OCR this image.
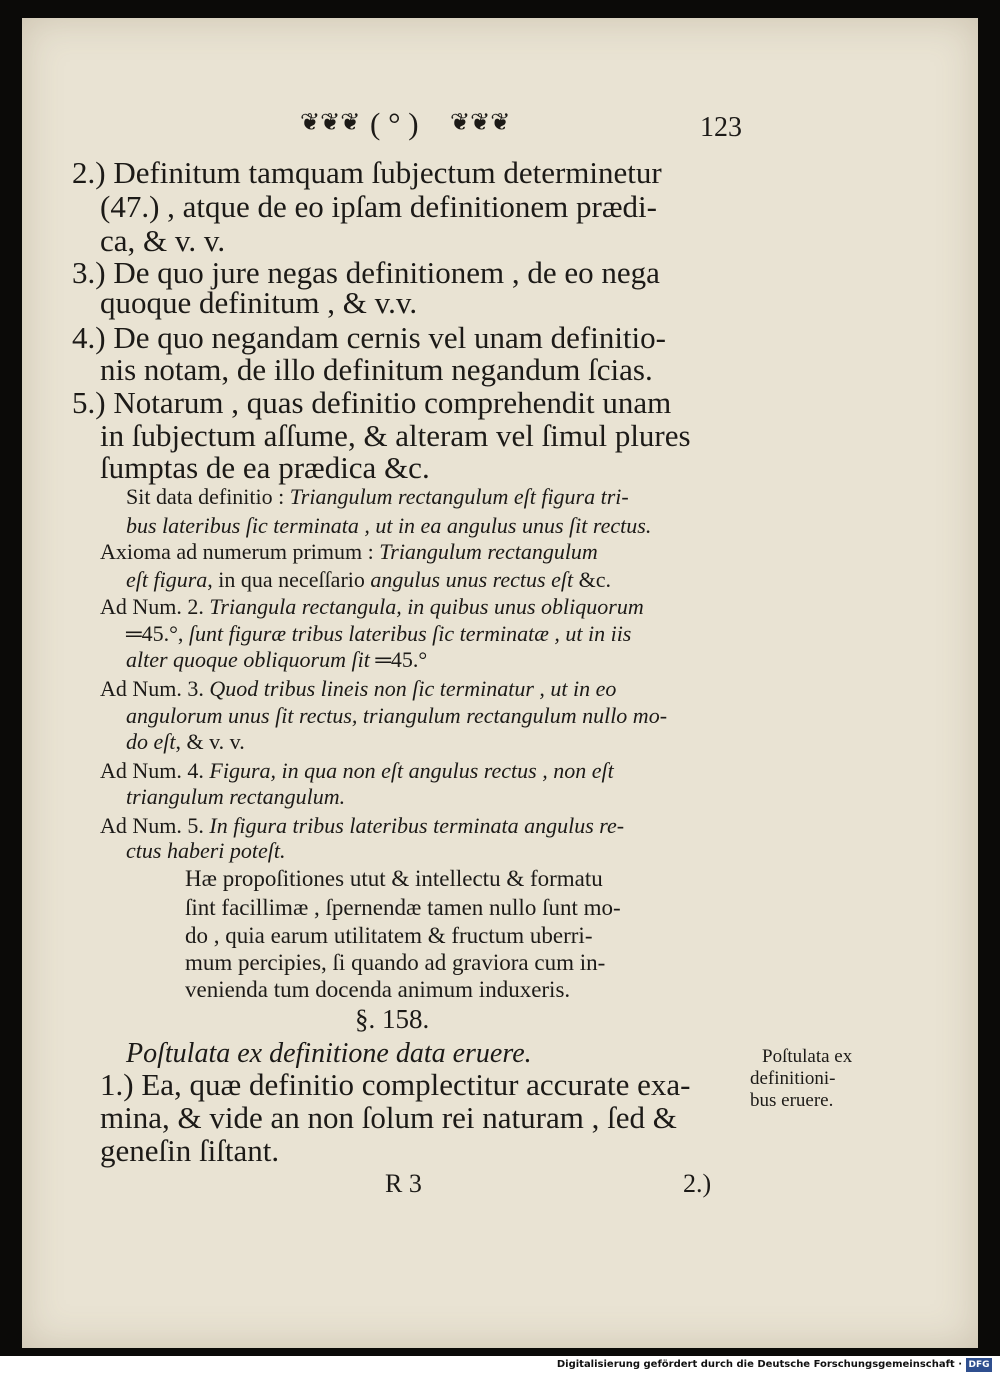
❦❦❦ ( ° ) ❦❦❦	123
2.) Definitum tamquam ſubjectum determinetur
(47.) , atque de eo ipſam definitionem prædi-
ca, & v. v.
3.) De quo jure negas definitionem , de eo nega
quoque definitum , & v.v.
4.) De quo negandam cernis vel unam definitio-
nis notam, de illo definitum negandum ſcias.
5.) Notarum , quas definitio comprehendit unam
in ſubjectum aſſume, & alteram vel ſimul plures
ſumptas de ea prædica &c.
Sit data definitio : Triangulum rectangulum eſt figura tri-
bus lateribus ſic terminata , ut in ea angulus unus ſit rectus.
Axioma ad numerum primum : Triangulum rectangulum
eſt figura, in qua neceſſario angulus unus rectus eſt &c.
Ad Num. 2. Triangula rectangula, in quibus unus obliquorum
═45.°, ſunt figuræ tribus lateribus ſic terminatæ , ut in iis
alter quoque obliquorum ſit ═45.°
Ad Num. 3. Quod tribus lineis non ſic terminatur , ut in eo
angulorum unus ſit rectus, triangulum rectangulum nullo mo-
do eſt, & v. v.
Ad Num. 4. Figura, in qua non eſt angulus rectus , non eſt
triangulum rectangulum.
Ad Num. 5. In figura tribus lateribus terminata angulus re-
ctus haberi poteſt.
Hæ propoſitiones utut & intellectu & formatu
ſint facillimæ , ſpernendæ tamen nullo ſunt mo-
do , quia earum utilitatem & fructum uberri-
mum percipies, ſi quando ad graviora cum in-
venienda tum docenda animum induxeris.
§. 158.
Poſtulata ex definitione data eruere.
1.) Ea, quæ definitio complectitur accurate exa-
mina, & vide an non ſolum rei naturam , ſed &
geneſin ſiſtant.
R 3	2.)
Poſtulata ex
definitioni-
bus eruere.
Digitalisierung gefördert durch die Deutsche Forschungsgemeinschaft · DFG
